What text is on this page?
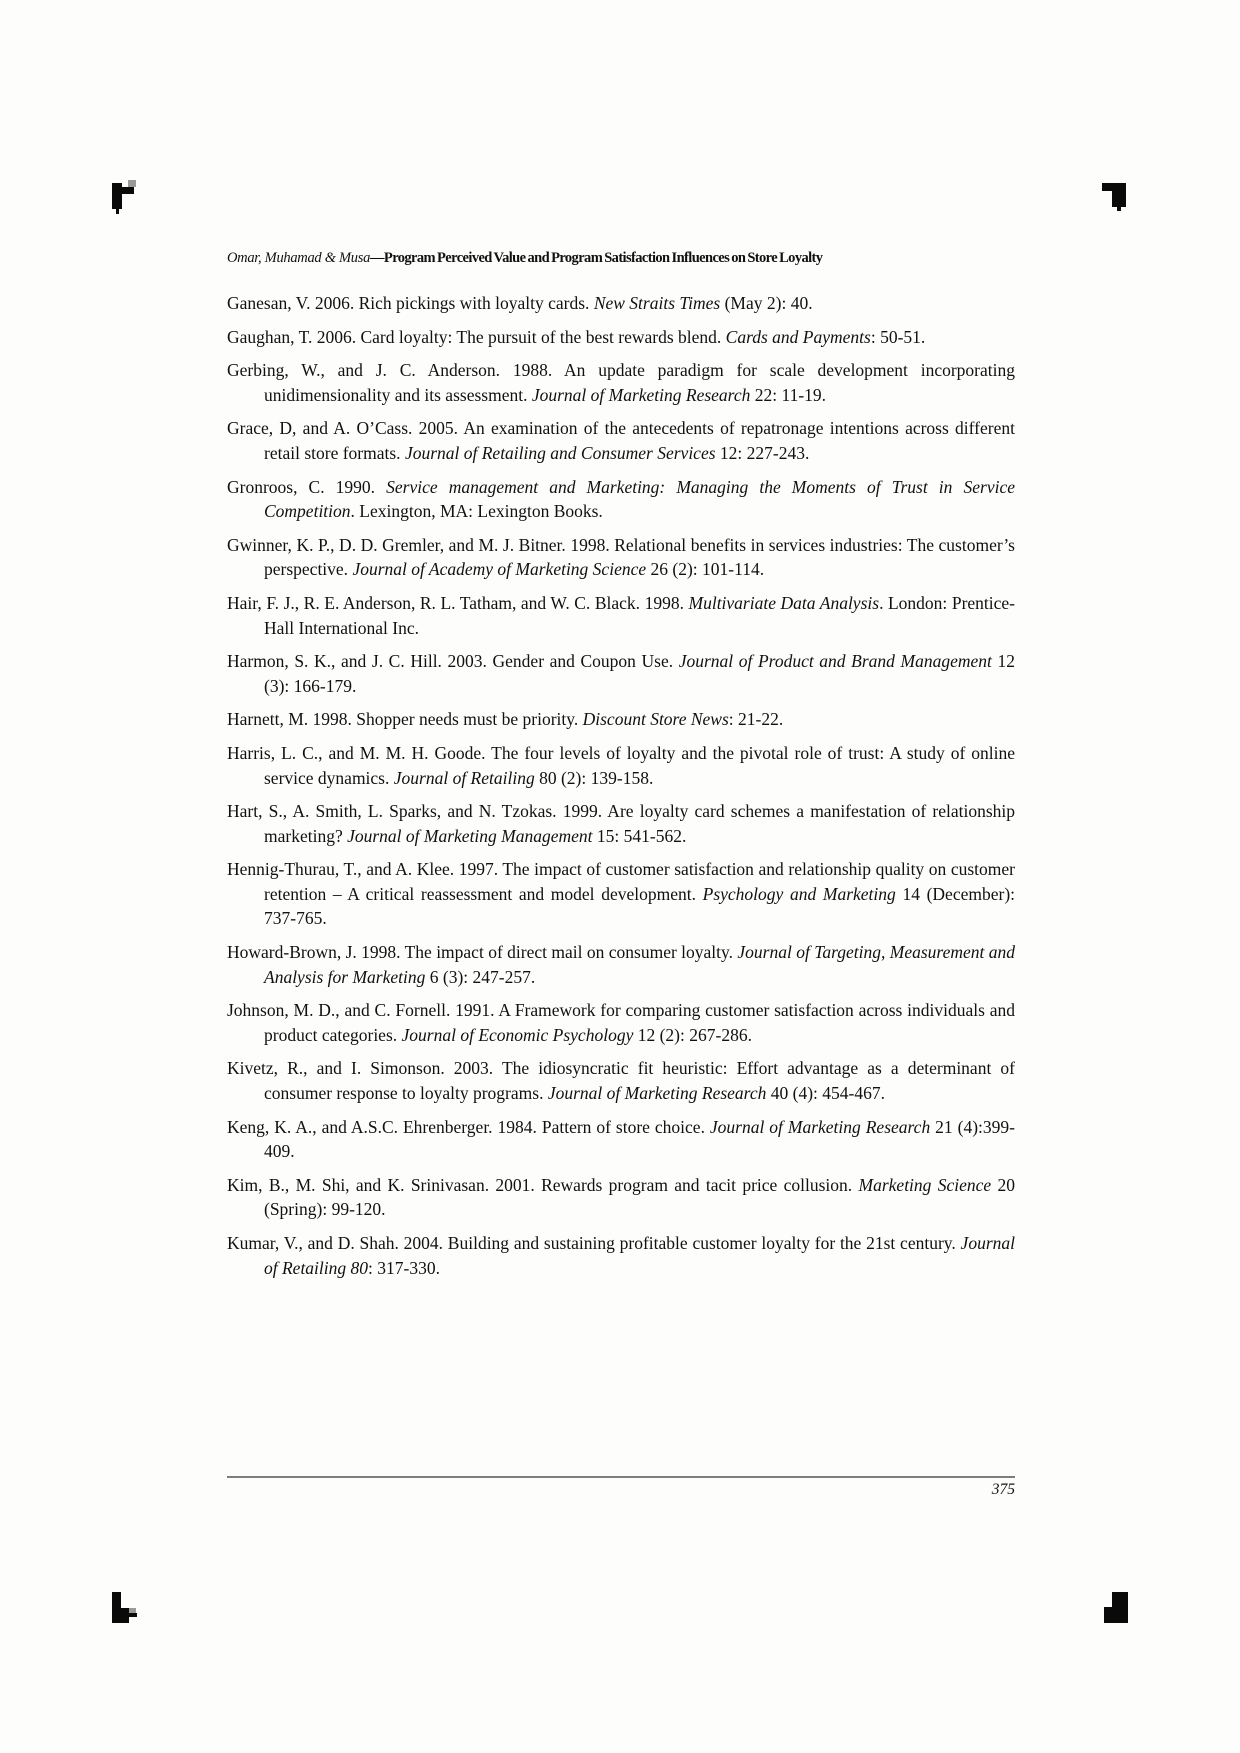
Omar, Muhamad & Musa—Program Perceived Value and Program Satisfaction Influences on Store Loyalty

Ganesan, V. 2006. Rich pickings with loyalty cards. New Straits Times (May 2): 40.

Gaughan, T. 2006. Card loyalty: The pursuit of the best rewards blend. Cards and Payments: 50-51.

Gerbing, W., and J. C. Anderson. 1988. An update paradigm for scale development incorporating unidimensionality and its assessment. Journal of Marketing Research 22: 11-19.

Grace, D, and A. O’Cass. 2005. An examination of the antecedents of repatronage intentions across different retail store formats. Journal of Retailing and Consumer Services 12: 227-243.

Gronroos, C. 1990. Service management and Marketing: Managing the Moments of Trust in Service Competition. Lexington, MA: Lexington Books.

Gwinner, K. P., D. D. Gremler, and M. J. Bitner. 1998. Relational benefits in services industries: The customer’s perspective. Journal of Academy of Marketing Science 26 (2): 101-114.

Hair, F. J., R. E. Anderson, R. L. Tatham, and W. C. Black. 1998. Multivariate Data Analysis. London: Prentice-Hall International Inc.

Harmon, S. K., and J. C. Hill. 2003. Gender and Coupon Use. Journal of Product and Brand Management 12 (3): 166-179.

Harnett, M. 1998. Shopper needs must be priority. Discount Store News: 21-22.

Harris, L. C., and M. M. H. Goode. The four levels of loyalty and the pivotal role of trust: A study of online service dynamics. Journal of Retailing 80 (2): 139-158.

Hart, S., A. Smith, L. Sparks, and N. Tzokas. 1999. Are loyalty card schemes a manifestation of relationship marketing? Journal of Marketing Management 15: 541-562.

Hennig-Thurau, T., and A. Klee. 1997. The impact of customer satisfaction and relationship quality on customer retention – A critical reassessment and model development. Psychology and Marketing 14 (December): 737-765.

Howard-Brown, J. 1998. The impact of direct mail on consumer loyalty. Journal of Targeting, Measurement and Analysis for Marketing 6 (3): 247-257.

Johnson, M. D., and C. Fornell. 1991. A Framework for comparing customer satisfaction across individuals and product categories. Journal of Economic Psychology 12 (2): 267-286.

Kivetz, R., and I. Simonson. 2003. The idiosyncratic fit heuristic: Effort advantage as a determinant of consumer response to loyalty programs. Journal of Marketing Research 40 (4): 454-467.

Keng, K. A., and A.S.C. Ehrenberger. 1984. Pattern of store choice. Journal of Marketing Research 21 (4):399-409.

Kim, B., M. Shi, and K. Srinivasan. 2001. Rewards program and tacit price collusion. Marketing Science 20 (Spring): 99-120.

Kumar, V., and D. Shah. 2004. Building and sustaining profitable customer loyalty for the 21st century. Journal of Retailing 80: 317-330.

375
